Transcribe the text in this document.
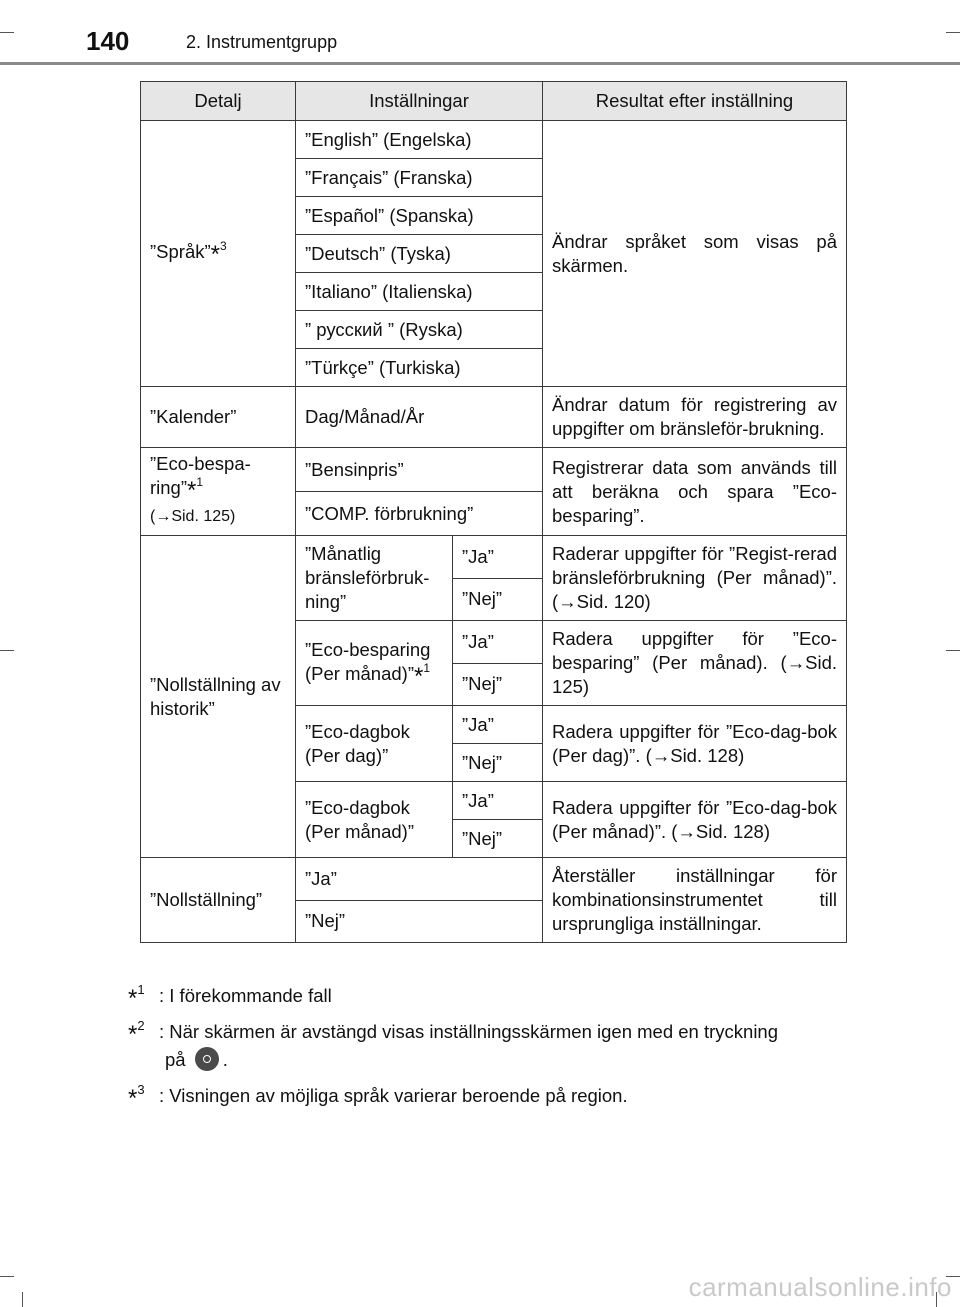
140	2. Instrumentgrupp
Detalj	Inställningar		Resultat efter inställning
”Språk”*$^3$	”English” (Engelska)		Ändrar språket som visas på skärmen.
	”Français” (Franska)		
	”Español” (Spanska)		
	”Deutsch” (Tyska)		
	”Italiano” (Italienska)		
	” русский ” (Ryska)		
	”Türkçe” (Turkiska)		
”Kalender”	Dag/Månad/År		Ändrar datum för registrering av uppgifter om bränsleför-brukning.
”Eco-bespa-ring”*$^1$
(→Sid. 125)	”Bensinpris”		Registrerar data som används till att beräkna och spara ”Eco-besparing”.
	”COMP. förbrukning”		
”Nollställning av historik”	”Månatlig bränsleförbruk-ning”	”Ja”	Raderar uppgifter för ”Regist-rerad bränsleförbrukning (Per månad)”. (→Sid. 120)
		”Nej”	
	”Eco-besparing (Per månad)”*$^1$	”Ja”	Radera uppgifter för ”Eco-besparing” (Per månad). (→Sid. 125)
		”Nej”	
	”Eco-dagbok (Per dag)”	”Ja”	Radera uppgifter för ”Eco-dag-bok (Per dag)”. (→Sid. 128)
		”Nej”	
	”Eco-dagbok (Per månad)”	”Ja”	Radera uppgifter för ”Eco-dag-bok (Per månad)”. (→Sid. 128)
		”Nej”	
”Nollställning”	”Ja”		Återställer inställningar för kombinationsinstrumentet till ursprungliga inställningar.
	”Nej”		
*$^1$ : I förekommande fall
*$^2$ : När skärmen är avstängd visas inställningsskärmen igen med en tryckning
på .
*$^3$ : Visningen av möjliga språk varierar beroende på region.
carmanualsonline.info
